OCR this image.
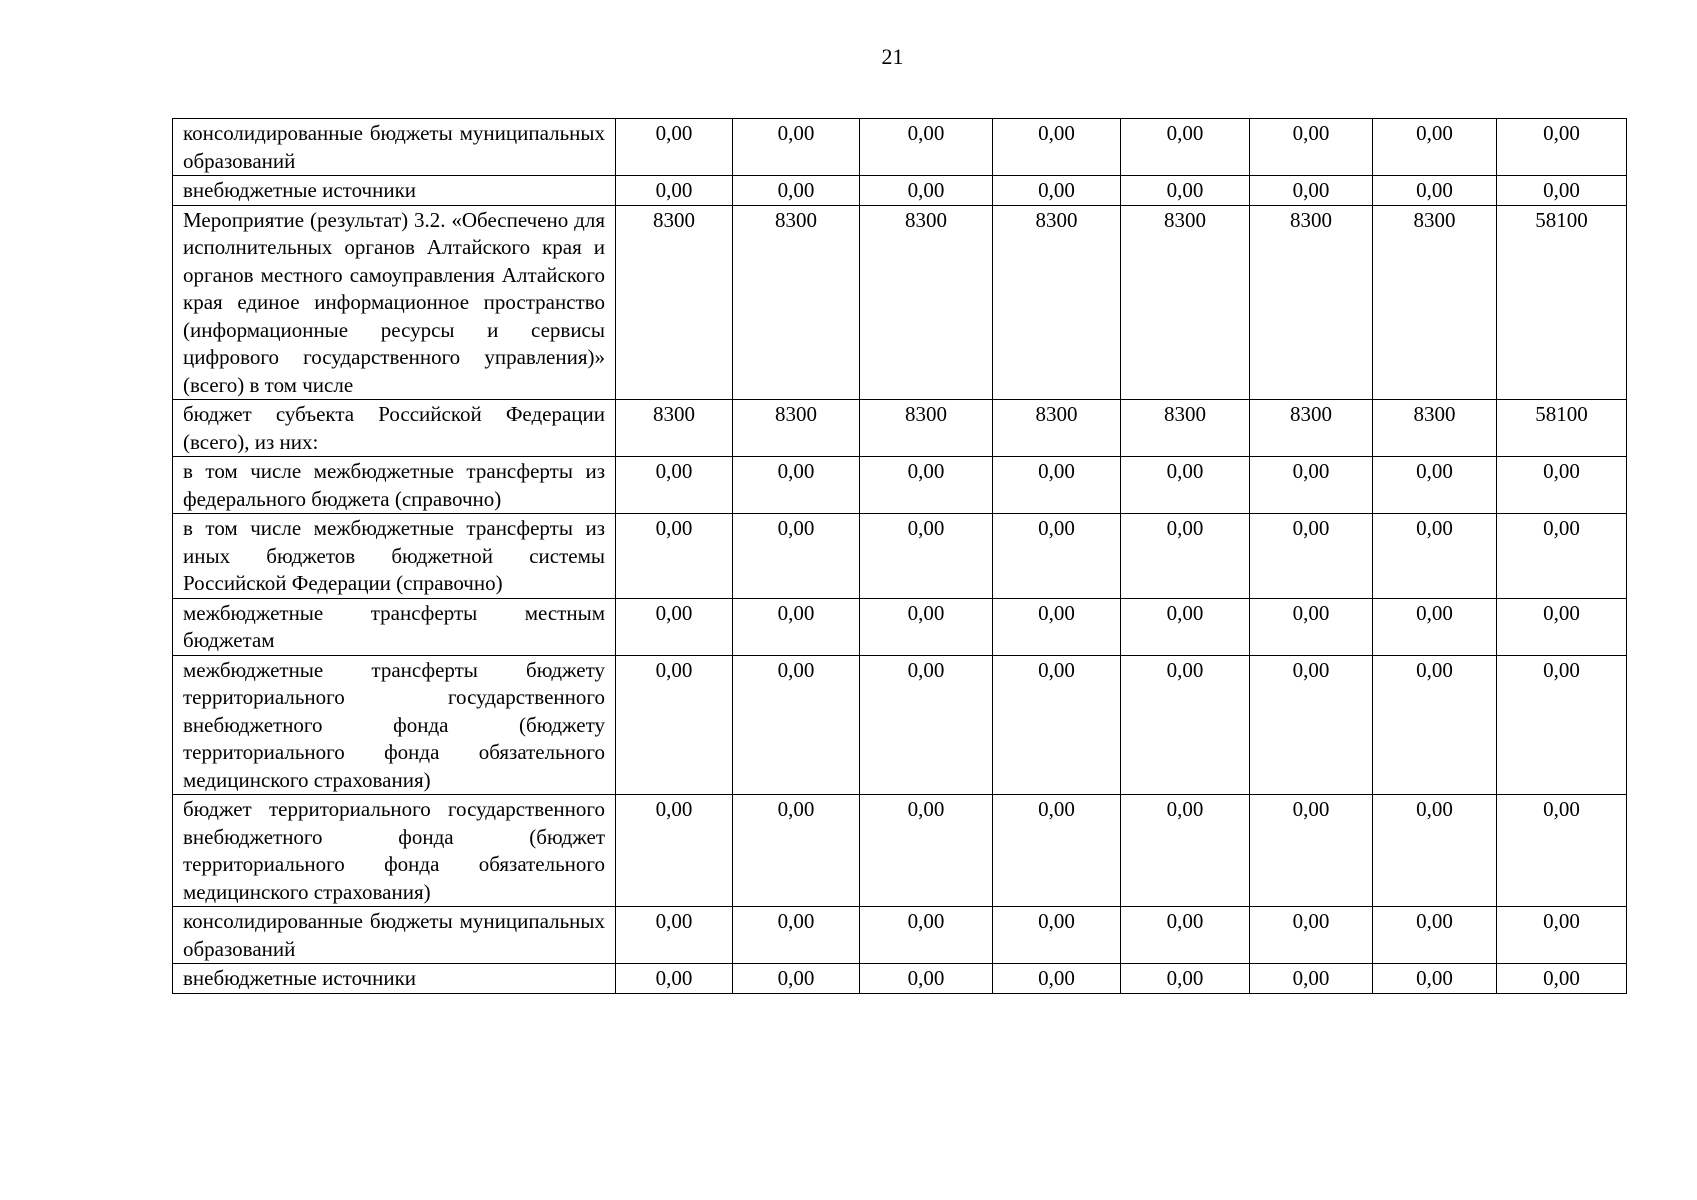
21
консолидированные бюджеты муниципальных образований	0,00	0,00	0,00	0,00	0,00	0,00	0,00	0,00
внебюджетные источники	0,00	0,00	0,00	0,00	0,00	0,00	0,00	0,00
Мероприятие (результат) 3.2. «Обеспечено для исполнительных органов Алтайского края и органов местного самоуправления Алтайского края единое информационное пространство (информационные ресурсы и сервисы цифрового государственного управления)» (всего) в том числе	8300	8300	8300	8300	8300	8300	8300	58100
бюджет субъекта Российской Федерации (всего), из них:	8300	8300	8300	8300	8300	8300	8300	58100
в том числе межбюджетные трансферты из федерального бюджета (справочно)	0,00	0,00	0,00	0,00	0,00	0,00	0,00	0,00
в том числе межбюджетные трансферты из иных бюджетов бюджетной системы Российской Федерации (справочно)	0,00	0,00	0,00	0,00	0,00	0,00	0,00	0,00
межбюджетные трансферты местным бюджетам	0,00	0,00	0,00	0,00	0,00	0,00	0,00	0,00
межбюджетные трансферты бюджету территориального государственного внебюджетного фонда (бюджету территориального фонда обязательного медицинского страхования)	0,00	0,00	0,00	0,00	0,00	0,00	0,00	0,00
бюджет территориального государственного внебюджетного фонда (бюджет территориального фонда обязательного медицинского страхования)	0,00	0,00	0,00	0,00	0,00	0,00	0,00	0,00
консолидированные бюджеты муниципальных образований	0,00	0,00	0,00	0,00	0,00	0,00	0,00	0,00
внебюджетные источники	0,00	0,00	0,00	0,00	0,00	0,00	0,00	0,00
